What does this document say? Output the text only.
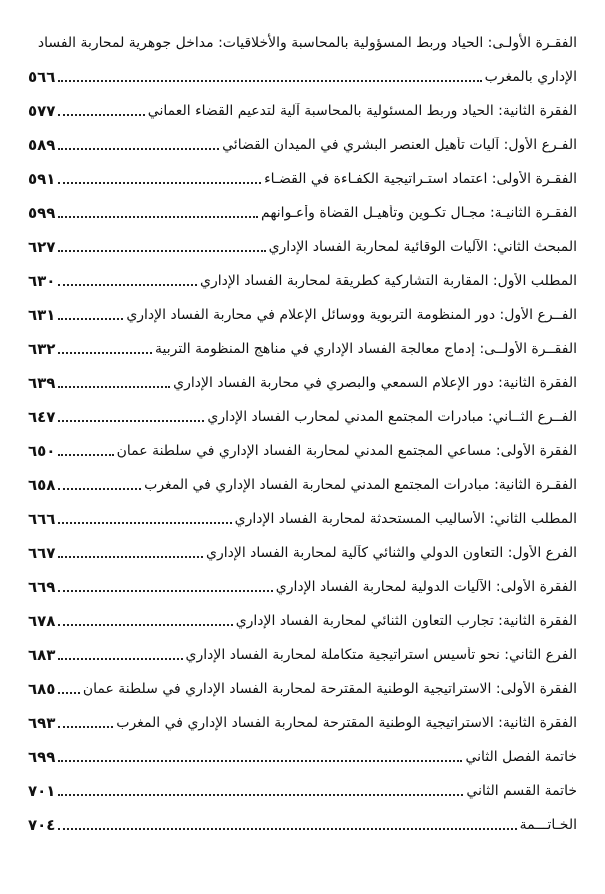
الفقـرة الأولـى: الحياد وربط المسؤولية بالمحاسبة والأخلاقيات: مداخل جوهرية لمحاربة الفساد
الإداري بالمغرب
٥٦٦
الفقرة الثانية: الحياد وربط المسئولية بالمحاسبة آلية لتدعيم القضاء العماني
٥٧٧
الفـرع الأول: آليات تأهيل العنصر البشري في الميدان القضائي
٥٨٩
الفقـرة الأولى: اعتماد استـراتيجية الكفـاءة في القضـاء
٥٩١
الفقـرة الثانيـة: مجـال تكـوين وتأهيـل القضاة وأعـوانهم
٥٩٩
المبحث الثاني: الآليات الوقائية لمحاربة الفساد الإداري
٦٢٧
المطلب الأول: المقاربة التشاركية كطريقة لمحاربة الفساد الإداري
٦٣٠
الفــرع الأول: دور المنظومة التربوية ووسائل الإعلام في محاربة الفساد الإداري
٦٣١
الفقــرة الأولــى: إدماج معالجة الفساد الإداري في مناهج المنظومة التربية
٦٣٢
الفقرة الثانية: دور الإعلام السمعي والبصري في محاربة الفساد الإداري
٦٣٩
الفــرع الثــاني: مبادرات المجتمع المدني لمحارب الفساد الإداري
٦٤٧
الفقرة الأولى: مساعي المجتمع المدني لمحاربة الفساد الإداري في سلطنة عمان
٦٥٠
الفقـرة الثانية: مبادرات المجتمع المدني لمحاربة الفساد الإداري في المغرب
٦٥٨
المطلب الثاني: الأساليب المستحدثة لمحاربة الفساد الإداري
٦٦٦
الفرع الأول: التعاون الدولي والثنائي كآلية لمحاربة الفساد الإداري
٦٦٧
الفقرة الأولى: الآليات الدولية لمحاربة الفساد الإداري
٦٦٩
الفقرة الثانية: تجارب التعاون الثنائي لمحاربة الفساد الإداري
٦٧٨
الفرع الثاني: نحو تأسيس استراتيجية متكاملة لمحاربة الفساد الإداري
٦٨٣
الفقرة الأولى: الاستراتيجية الوطنية المقترحة لمحاربة الفساد الإداري في سلطنة عمان
٦٨٥
الفقرة الثانية: الاستراتيجية الوطنية المقترحة لمحاربة الفساد الإداري في المغرب
٦٩٣
خاتمة الفصل الثاني
٦٩٩
خاتمة القسم الثاني
٧٠١
الخـاتـــمة
٧٠٤
